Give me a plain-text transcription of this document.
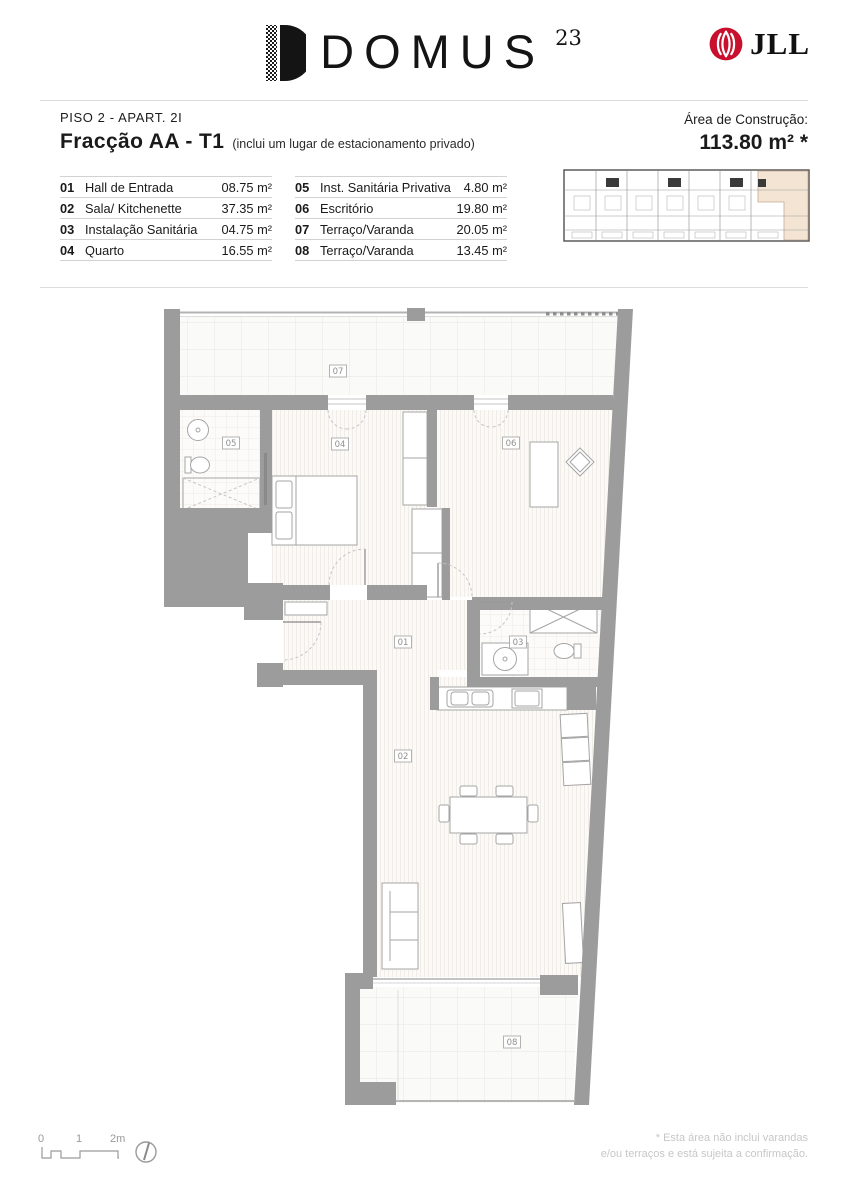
DOMUS 23	JLL
PISO 2 - APART. 2I
Fracção AA - T1 (inclui um lugar de estacionamento privado)
Área de Construção:
113.80 m² *
01 Hall de Entrada	08.75 m²
02 Sala/ Kitchenette	37.35 m²
03 Instalação Sanitária	04.75 m²
04 Quarto	16.55 m²
05 Inst. Sanitária Privativa 4.80 m²
06 Escritório	19.80 m²
07 Terraço/Varanda	20.05 m²
08 Terraço/Varanda	13.45 m²
07
05	04	06
01	03
02
08
0	1	2m	* Esta área não inclui varandas
e/ou terraços e está sujeita a confirmação.
